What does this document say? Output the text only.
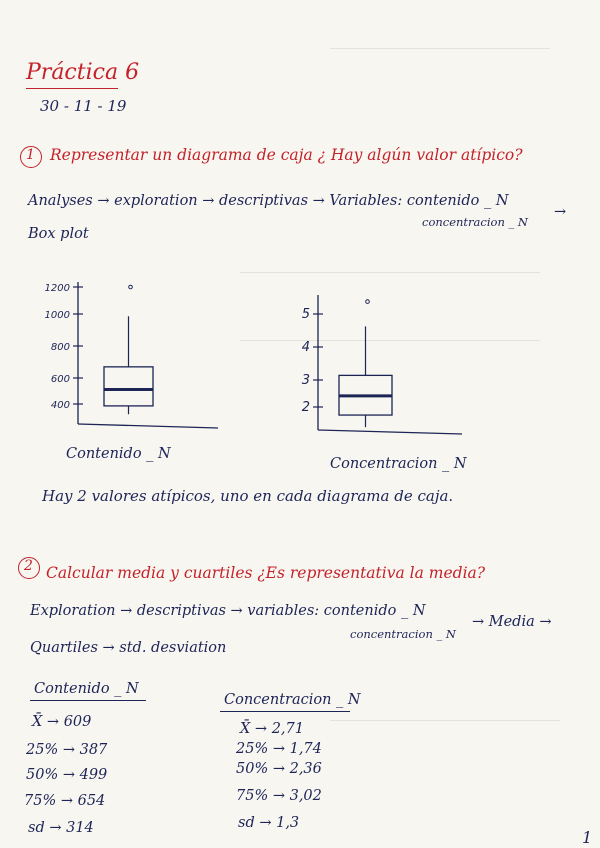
Práctica 6
30 - 11 - 19
1 Representar un diagrama de caja ¿ Hay algún valor atípico?
Analyses → exploration → descriptivas → Variables: contenido _ N
concentracion _ N
→
Box plot
1200
1000
800
600
400
5
4
3
2
Contenido _ N
Concentracion _ N
Hay 2 valores atípicos, uno en cada diagrama de caja.
2 Calcular media y cuartiles ¿Es representativa la media?
Exploration → descriptivas → variables: contenido _ N
concentracion _ N
→ Media →
Quartiles → std. desviation
Contenido _ N
X̄ → 609
25% → 387
50% → 499
75% → 654
sd → 314
Concentracion _ N
X̄ → 2,71
25% → 1,74
50% → 2,36
75% → 3,02
sd → 1,3
1
